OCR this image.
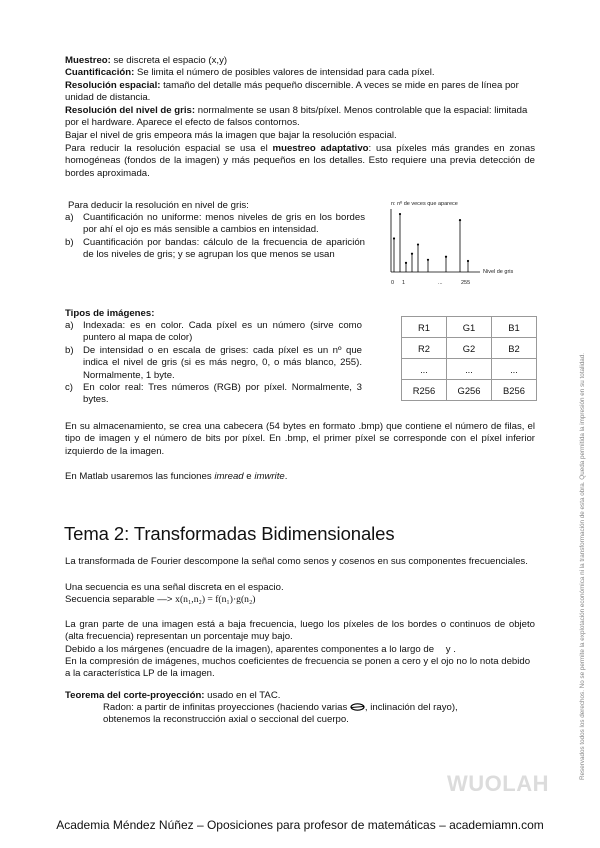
Muestreo: se discreta el espacio (x,y)

Cuantificación: Se limita el número de posibles valores de intensidad para cada píxel.

Resolución espacial: tamaño del detalle más pequeño discernible. A veces se mide en pares de línea por unidad de distancia.

Resolución del nivel de gris: normalmente se usan 8 bits/píxel. Menos controlable que la espacial: limitada por el hardware. Aparece el efecto de falsos contornos.

Bajar el nivel de gris empeora más la imagen que bajar la resolución espacial.

Para reducir la resolución espacial se usa el muestreo adaptativo: usa píxeles más grandes en zonas homogéneas (fondos de la imagen) y más pequeños en los detalles. Esto requiere una previa detección de bordes aproximada.

Para deducir la resolución en nivel de gris:

a) Cuantificación no uniforme: menos niveles de gris en los bordes por ahí el ojo es más sensible a cambios en intensidad.
b) Cuantificación por bandas: cálculo de la frecuencia de aparición de los niveles de gris; y se agrupan los que menos se usan
n: nº de veces que aparece
Nivel de gris
0 1	...	255

Tipos de imágenes:

a) Indexada: es en color. Cada píxel es un número (sirve como puntero al mapa de color)
b) De intensidad o en escala de grises: cada píxel es un nº que indica el nivel de gris (si es más negro, 0, o más blanco, 255). Normalmente, 1 byte.
c) En color real: Tres números (RGB) por píxel. Normalmente, 3 bytes.
R1	G1	B1
R2	G2	B2
...	...	...
R256	G256	B256

En su almacenamiento, se crea una cabecera (54 bytes en formato .bmp) que contiene el número de filas, el tipo de imagen y el número de bits por píxel. En .bmp, el primer píxel se corresponde con el píxel inferior izquierdo de la imagen.

En Matlab usaremos las funciones imread e imwrite.

Tema 2: Transformadas Bidimensionales

La transformada de Fourier descompone la señal como senos y cosenos en sus componentes frecuenciales.

Una secuencia es una señal discreta en el espacio.

Secuencia separable —> x(n₁,n₂) = f(n₁)·g(n₂)

La gran parte de una imagen está a baja frecuencia, luego los píxeles de los bordes o continuos de objeto (alta frecuencia) representan un porcentaje muy bajo.

Debido a los márgenes (encuadre de la imagen), aparentes componentes a lo largo de y .

En la compresión de imágenes, muchos coeficientes de frecuencia se ponen a cero y el ojo no lo nota debido a la característica LP de la imagen.

Teorema del corte-proyección: usado en el TAC.

Radon: a partir de infinitas proyecciones (haciendo varias , inclinación del rayo), obtenemos la reconstrucción axial o seccional del cuerpo.

WUOLAH
Reservados todos los derechos. No se permite la explotación económica ni la transformación de esta obra. Queda permitida la impresión en su totalidad.
Academia Méndez Núñez – Oposiciones para profesor de matemáticas – academiamn.com
